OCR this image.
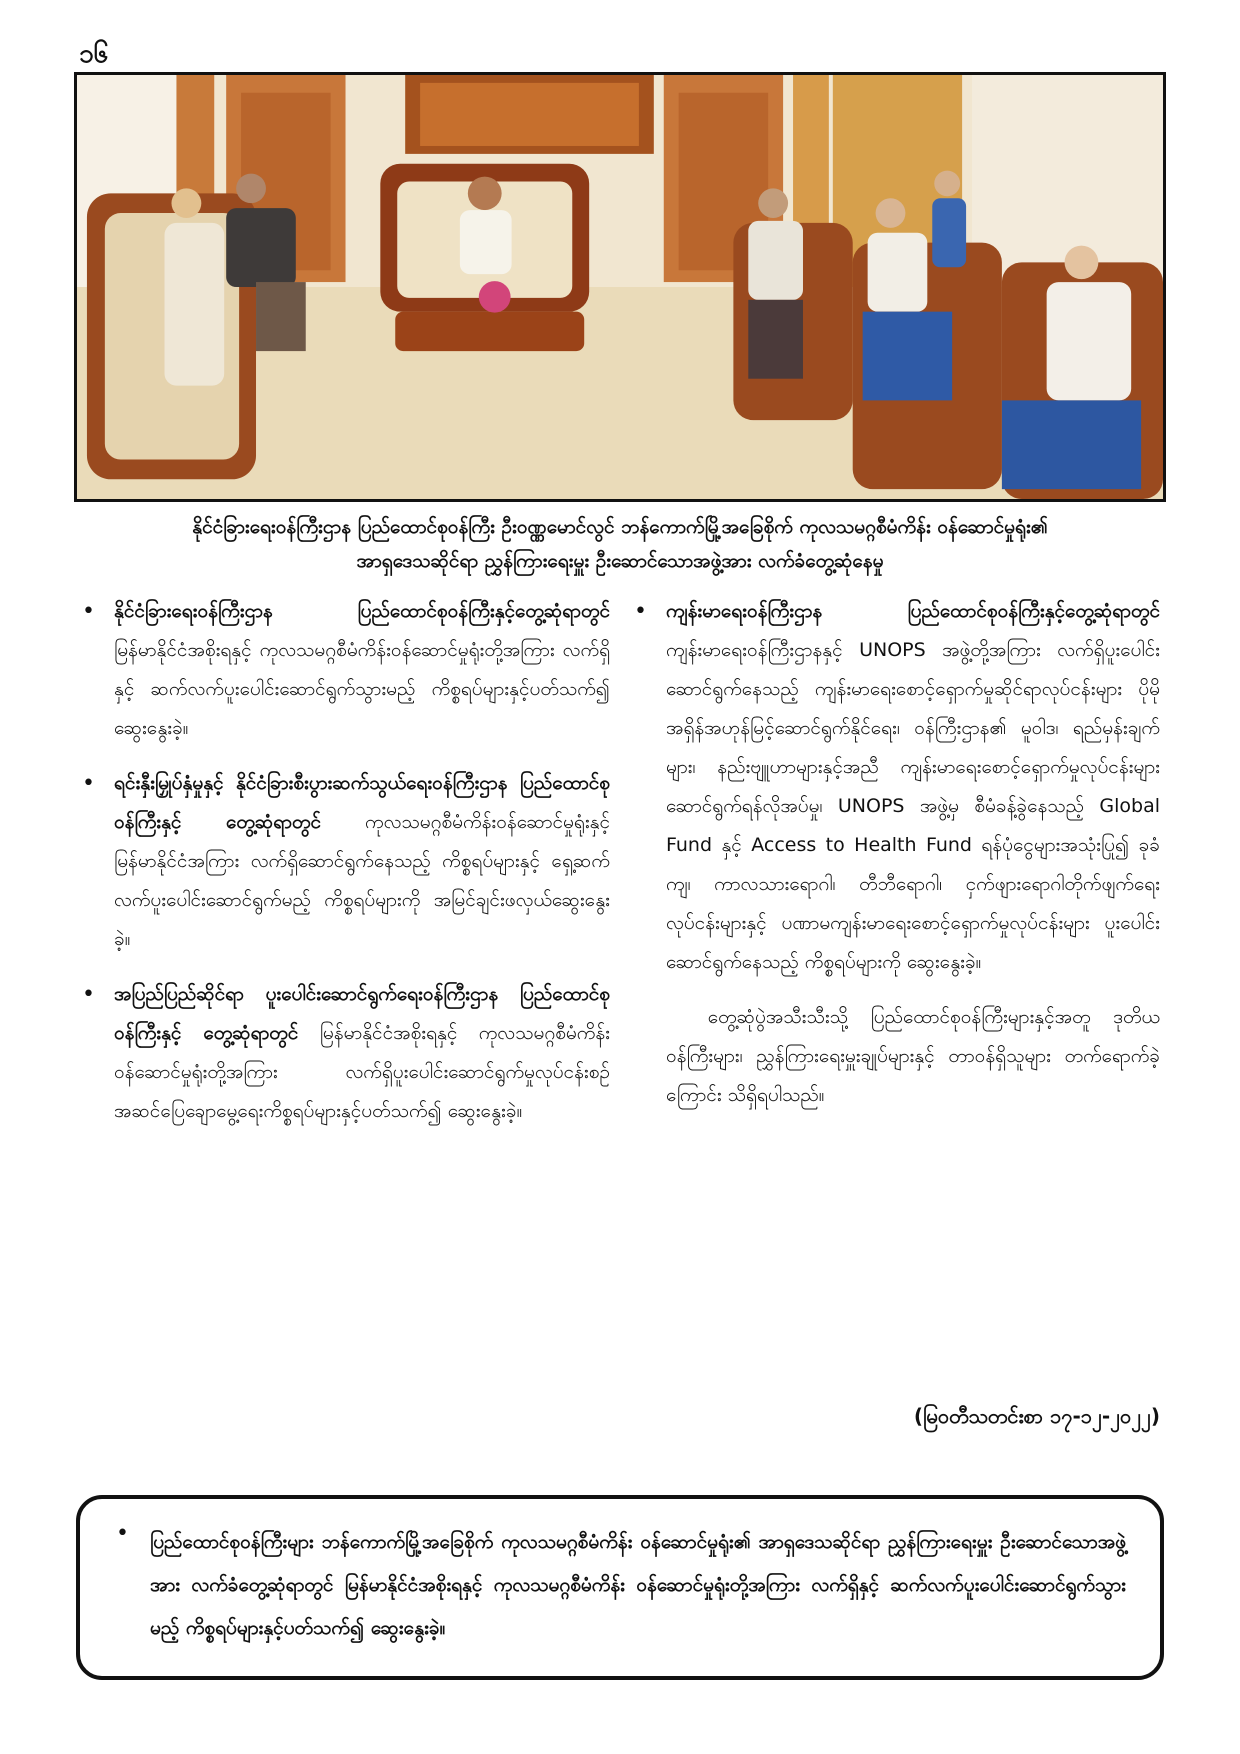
၁၆
နိုင်ငံခြားရေးဝန်ကြီးဌာန ပြည်ထောင်စုဝန်ကြီး ဦးဝဏ္ဏမောင်လွင် ဘန်ကောက်မြို့အခြေစိုက် ကုလသမဂ္ဂစီမံကိန်း ဝန်ဆောင်မှုရုံး၏
အာရှဒေသဆိုင်ရာ ညွှန်ကြားရေးမှူး ဦးဆောင်သောအဖွဲ့အား လက်ခံတွေ့ဆုံနေမှု
• နိုင်ငံခြားရေးဝန်ကြီးဌာန ပြည်ထောင်စုဝန်ကြီးနှင့်တွေ့ဆုံရာတွင် မြန်မာနိုင်ငံအစိုးရနှင့် ကုလသမဂ္ဂစီမံကိန်းဝန်ဆောင်မှုရုံးတို့အကြား လက်ရှိနှင့် ဆက်လက်ပူးပေါင်းဆောင်ရွက်သွားမည့် ကိစ္စရပ်များနှင့်ပတ်သက်၍ ဆွေးနွေးခဲ့။
• ရင်းနှီးမြှုပ်နှံမှုနှင့် နိုင်ငံခြားစီးပွားဆက်သွယ်ရေးဝန်ကြီးဌာန ပြည်ထောင်စုဝန်ကြီးနှင့် တွေ့ဆုံရာတွင် ကုလသမဂ္ဂစီမံကိန်းဝန်ဆောင်မှုရုံးနှင့် မြန်မာနိုင်ငံအကြား လက်ရှိဆောင်ရွက်နေသည့် ကိစ္စရပ်များနှင့် ရှေ့ဆက်လက်ပူးပေါင်းဆောင်ရွက်မည့် ကိစ္စရပ်များကို အမြင်ချင်းဖလှယ်ဆွေးနွေးခဲ့။
• အပြည်ပြည်ဆိုင်ရာ ပူးပေါင်းဆောင်ရွက်ရေးဝန်ကြီးဌာန ပြည်ထောင်စုဝန်ကြီးနှင့် တွေ့ဆုံရာတွင် မြန်မာနိုင်ငံအစိုးရနှင့် ကုလသမဂ္ဂစီမံကိန်းဝန်ဆောင်မှုရုံးတို့အကြား လက်ရှိပူးပေါင်းဆောင်ရွက်မှုလုပ်ငန်းစဉ် အဆင်ပြေချောမွေ့ရေးကိစ္စရပ်များနှင့်ပတ်သက်၍ ဆွေးနွေးခဲ့။
• ကျန်းမာရေးဝန်ကြီးဌာန ပြည်ထောင်စုဝန်ကြီးနှင့်တွေ့ဆုံရာတွင် ကျန်းမာရေးဝန်ကြီးဌာနနှင့် UNOPS အဖွဲ့တို့အကြား လက်ရှိပူးပေါင်းဆောင်ရွက်နေသည့် ကျန်းမာရေးစောင့်ရှောက်မှုဆိုင်ရာလုပ်ငန်းများ ပိုမိုအရှိန်အဟုန်မြင့်ဆောင်ရွက်နိုင်ရေး၊ ဝန်ကြီးဌာန၏ မူဝါဒ၊ ရည်မှန်းချက်များ၊ နည်းဗျူဟာများနှင့်အညီ ကျန်းမာရေးစောင့်ရှောက်မှုလုပ်ငန်းများဆောင်ရွက်ရန်လိုအပ်မှု၊ UNOPS အဖွဲ့မှ စီမံခန့်ခွဲနေသည့် Global Fund နှင့် Access to Health Fund ရန်ပုံငွေများအသုံးပြု၍ ခုခံကျ၊ ကာလသားရောဂါ၊ တီဘီရောဂါ၊ ငှက်ဖျားရောဂါတိုက်ဖျက်ရေး လုပ်ငန်းများနှင့် ပဏာမကျန်းမာရေးစောင့်ရှောက်မှုလုပ်ငန်းများ ပူးပေါင်းဆောင်ရွက်နေသည့် ကိစ္စရပ်များကို ဆွေးနွေးခဲ့။

တွေ့ဆုံပွဲအသီးသီးသို့ ပြည်ထောင်စုဝန်ကြီးများနှင့်အတူ ဒုတိယဝန်ကြီးများ၊ ညွှန်ကြားရေးမှူးချုပ်များနှင့် တာဝန်ရှိသူများ တက်ရောက်ခဲ့ကြောင်း သိရှိရပါသည်။

(မြဝတီသတင်းစာ ၁၇-၁၂-၂၀၂၂)
• ပြည်ထောင်စုဝန်ကြီးများ ဘန်ကောက်မြို့အခြေစိုက် ကုလသမဂ္ဂစီမံကိန်း ဝန်ဆောင်မှုရုံး၏ အာရှဒေသဆိုင်ရာ ညွှန်ကြားရေးမှူး ဦးဆောင်သောအဖွဲ့အား လက်ခံတွေ့ဆုံရာတွင် မြန်မာနိုင်ငံအစိုးရနှင့် ကုလသမဂ္ဂစီမံကိန်း ဝန်ဆောင်မှုရုံးတို့အကြား လက်ရှိနှင့် ဆက်လက်ပူးပေါင်းဆောင်ရွက်သွားမည့် ကိစ္စရပ်များနှင့်ပတ်သက်၍ ဆွေးနွေးခဲ့။
